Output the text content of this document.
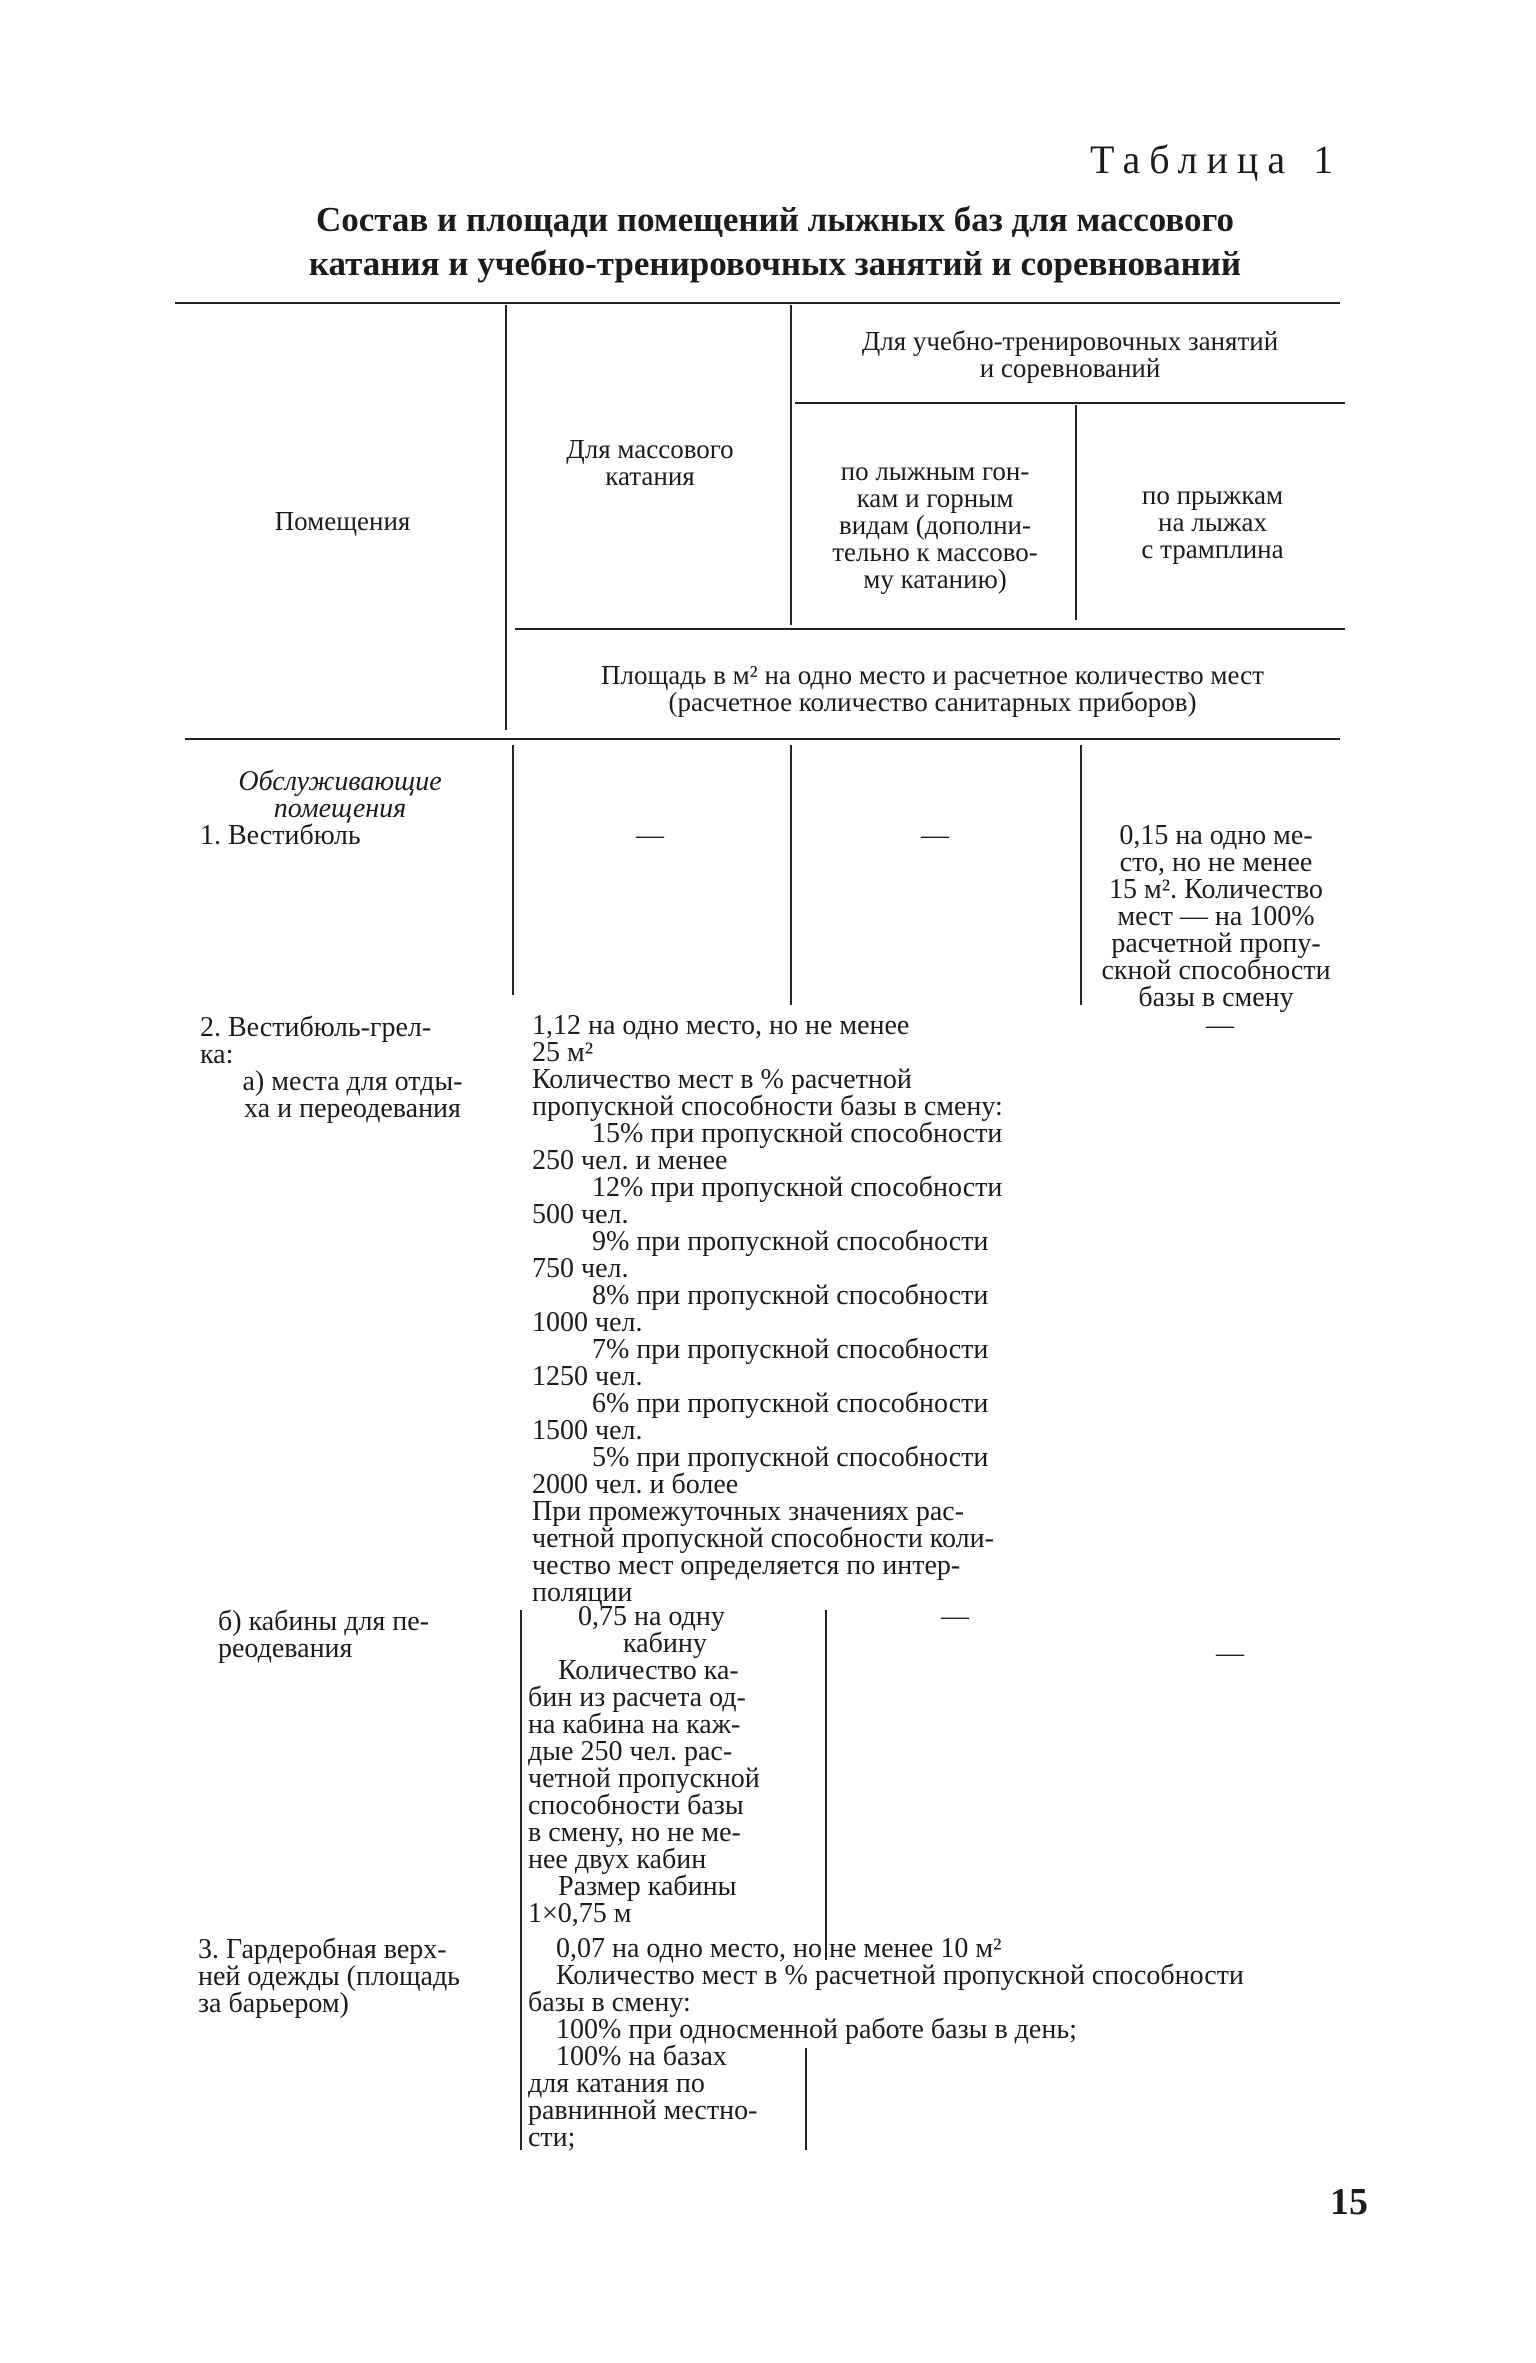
Таблица 1
Состав и площади помещений лыжных баз для массового
катания и учебно-тренировочных занятий и соревнований
Помещения
Для массового
катания
Для учебно-тренировочных занятий
и соревнований
по лыжным гон-
кам и горным
видам (дополни-
тельно к массово-
му катанию)
по прыжкам
на лыжах
с трамплина
Площадь в м² на одно место и расчетное количество мест
(расчетное количество санитарных приборов)
Обслуживающие
помещения
1. Вестибюль
2. Вестибюль-грел-
ка:
а) места для отды-
ха и переодевания
б) кабины для пе-
реодевания
3. Гардеробная верх-
ней одежды (площадь
за барьером)
—	—	0,15 на одно ме-
сто, но не менее
15 м². Количество
мест — на 100%
расчетной пропу-
скной способности
базы в смену
1,12 на одно место, но не менее
25 м²
Количество мест в % расчетной
пропускной способности базы в смену:
15% при пропускной способности
250 чел. и менее
12% при пропускной способности
500 чел.
9% при пропускной способности
750 чел.
8% при пропускной способности
1000 чел.
7% при пропускной способности
1250 чел.
6% при пропускной способности
1500 чел.
5% при пропускной способности
2000 чел. и более
При промежуточных значениях рас-
четной пропускной способности коли-
чество мест определяется по интер-
поляции
—
0,75 на одну
кабину
Количество ка-
бин из расчета од-
на кабина на каж-
дые 250 чел. рас-
четной пропускной
способности базы
в смену, но не ме-
нее двух кабин
Размер кабины
1×0,75 м
—
—
0,07 на одно место, но не менее 10 м²
Количество мест в % расчетной пропускной способности
базы в смену:
100% при односменной работе базы в день;
100% на базах
для катания по
равнинной местно-
сти;
15
